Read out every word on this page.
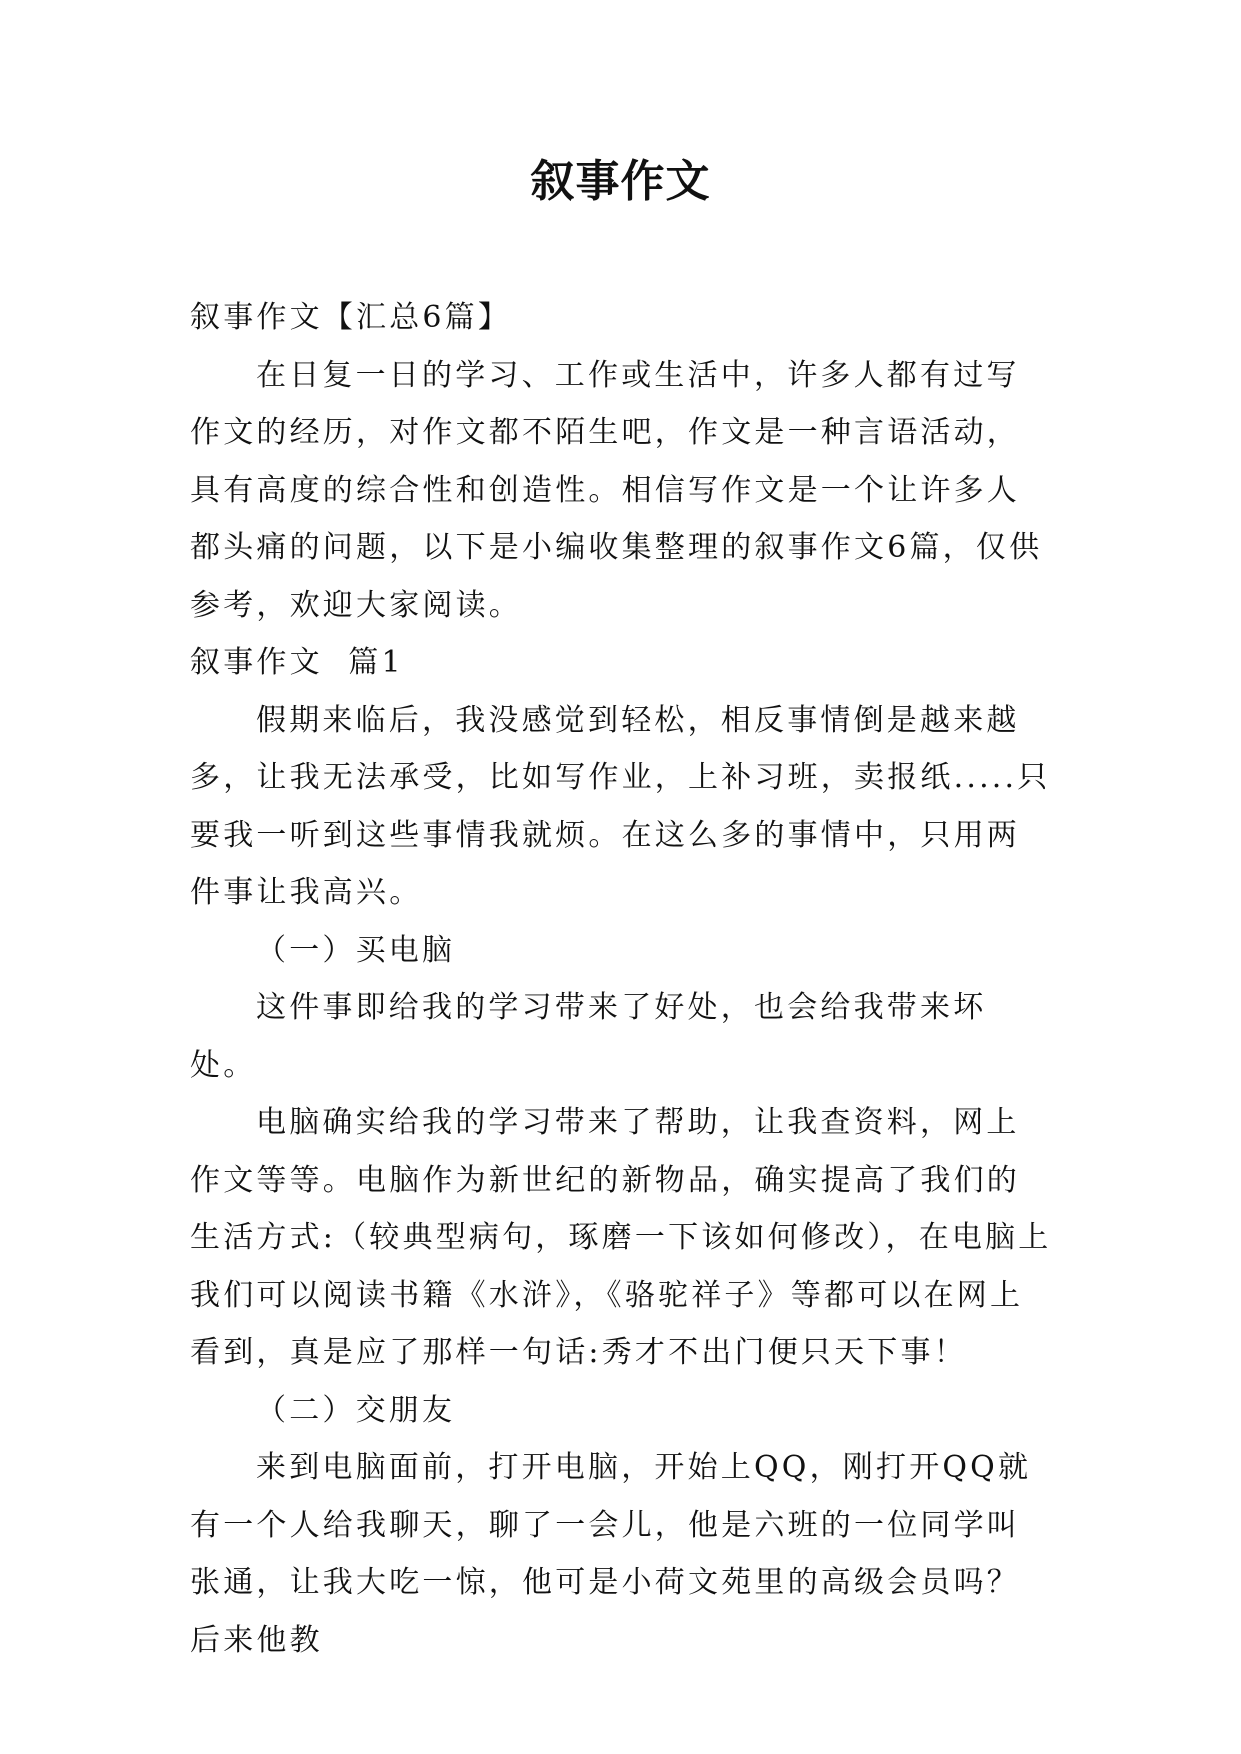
叙事作文

叙事作文【汇总6篇】

在日复一日的学习、工作或生活中，许多人都有过写作文的经历，对作文都不陌生吧，作文是一种言语活动，具有高度的综合性和创造性。相信写作文是一个让许多人都头痛的问题，以下是小编收集整理的叙事作文6篇，仅供参考，欢迎大家阅读。

叙事作文  篇1

假期来临后，我没感觉到轻松，相反事情倒是越来越多，让我无法承受，比如写作业，上补习班，卖报纸.....只要我一听到这些事情我就烦。在这么多的事情中，只用两件事让我高兴。

（一）买电脑

这件事即给我的学习带来了好处，也会给我带来坏处。

电脑确实给我的学习带来了帮助，让我查资料，网上作文等等。电脑作为新世纪的新物品，确实提高了我们的生活方式:（较典型病句，琢磨一下该如何修改），在电脑上我们可以阅读书籍《水浒》，《骆驼祥子》等都可以在网上看到，真是应了那样一句话:秀才不出门便只天下事！

（二）交朋友

来到电脑面前，打开电脑，开始上QQ，刚打开QQ就有一个人给我聊天，聊了一会儿，他是六班的一位同学叫张通，让我大吃一惊，他可是小荷文苑里的高级会员吗？后来他教
